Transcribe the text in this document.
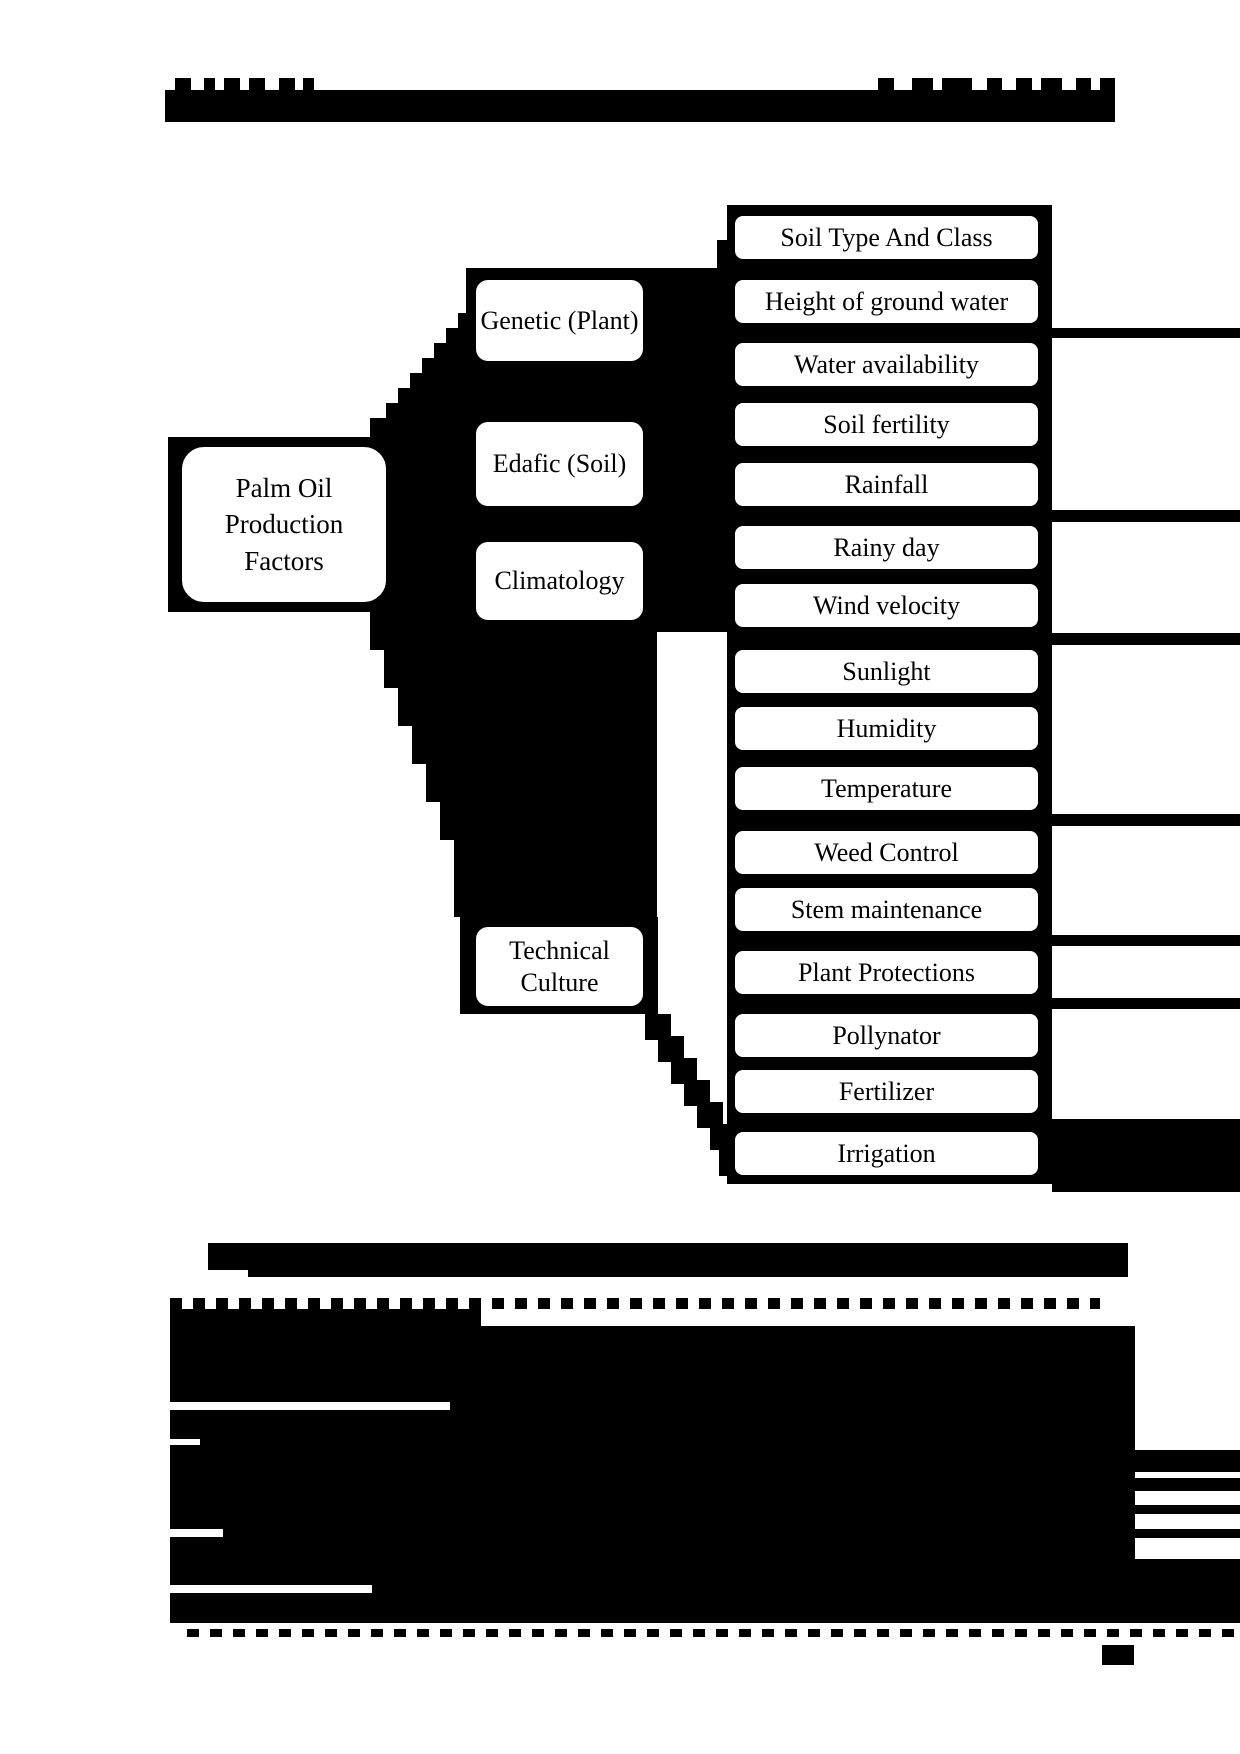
Palm Oil Production Factors
Genetic (Plant)
Edafic (Soil)
Climatology
Technical Culture
Soil Type And Class
Height of ground water
Water availability
Soil fertility
Rainfall
Rainy day
Wind velocity
Sunlight
Humidity
Temperature
Weed Control
Stem maintenance
Plant Protections
Pollynator
Fertilizer
Irrigation
